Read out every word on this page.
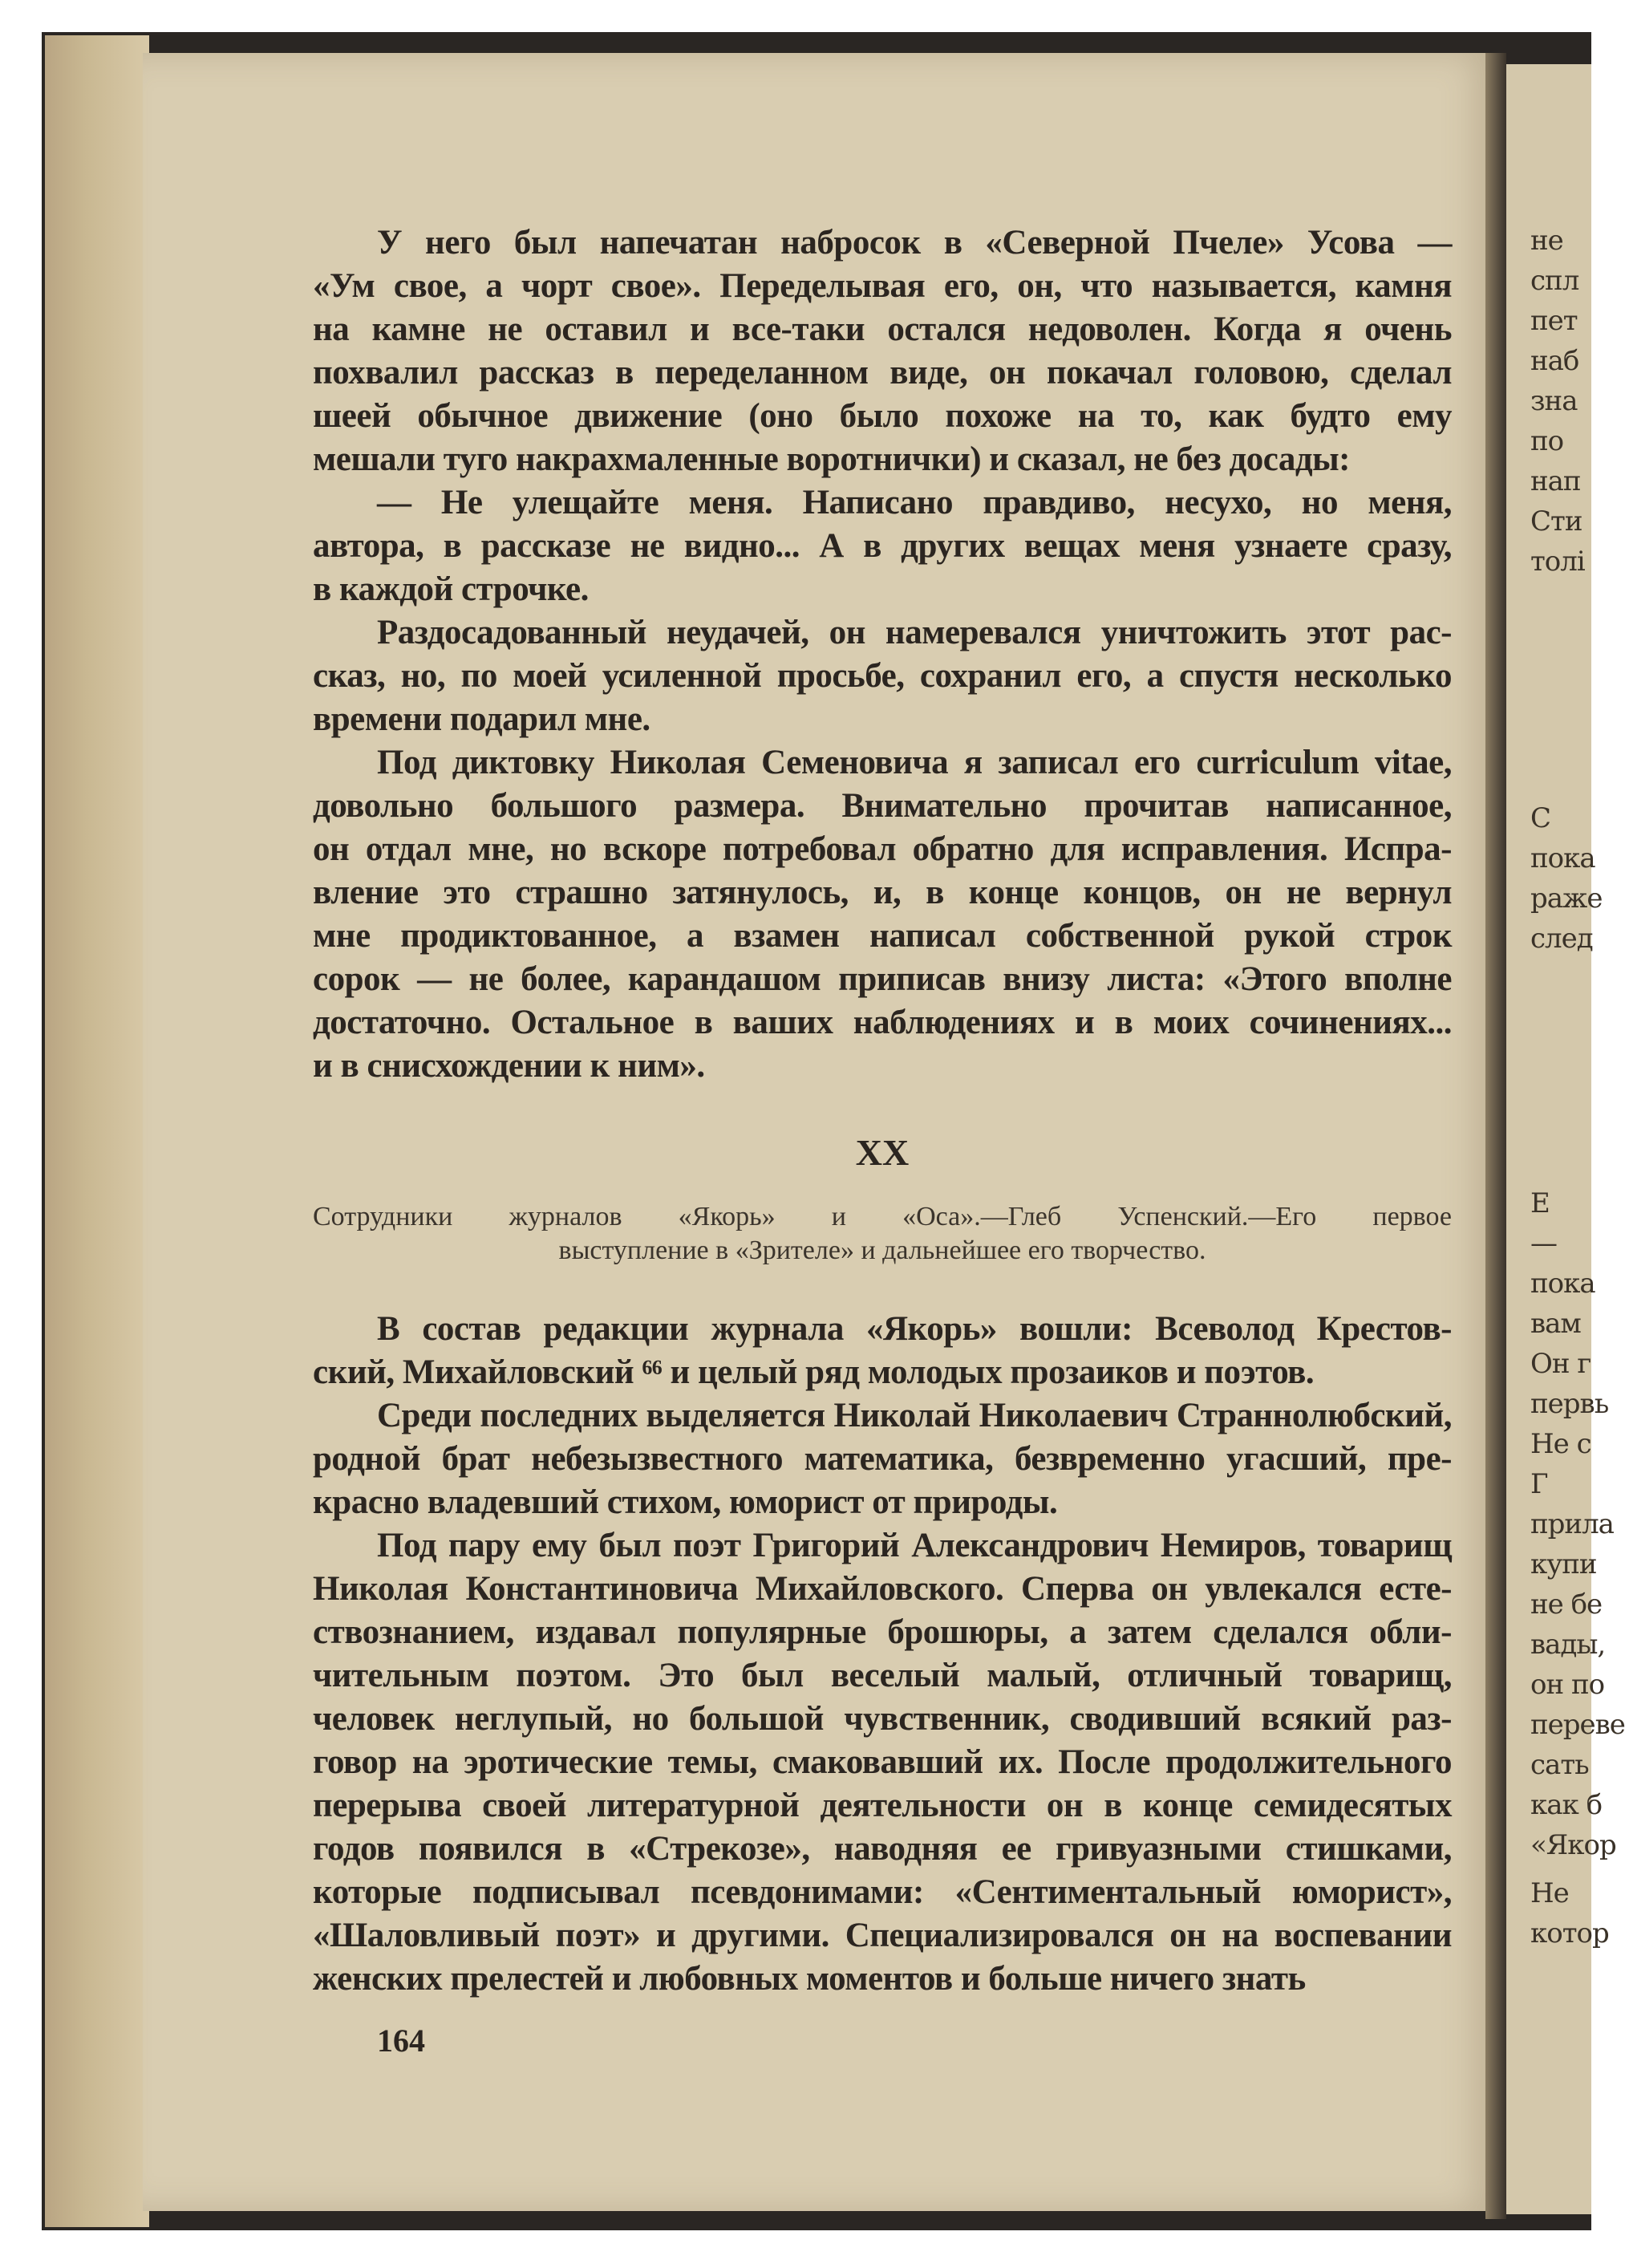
не
спл
пет
наб
зна
по
нап
Сти
толі
С
пока
раже
след
Е
—
пока
вам
Он г
первь
Не с
Г
прила
купи
не бе
вады,
он по
переве
сать
как б
«Якор
Не
котор
У него был напечатан набросок в «Северной Пчеле» Усова —
«Ум свое, а чорт свое». Переделывая его, он, что называется, камня
на камне не оставил и все-таки остался недоволен. Когда я очень
похвалил рассказ в переделанном виде, он покачал головою, сделал
шеей обычное движение (оно было похоже на то, как будто ему
мешали туго накрахмаленные воротнички) и сказал, не без досады:
— Не улещайте меня. Написано правдиво, несухо, но меня,
автора, в рассказе не видно... А в других вещах меня узнаете сразу,
в каждой строчке.
Раздосадованный неудачей, он намеревался уничтожить этот рас-
сказ, но, по моей усиленной просьбе, сохранил его, а спустя несколько
времени подарил мне.
Под диктовку Николая Семеновича я записал его curriculum vitae,
довольно большого размера. Внимательно прочитав написанное,
он отдал мне, но вскоре потребовал обратно для исправления. Испра-
вление это страшно затянулось, и, в конце концов, он не вернул
мне продиктованное, а взамен написал собственной рукой строк
сорок — не более, карандашом приписав внизу листа: «Этого вполне
достаточно. Остальное в ваших наблюдениях и в моих сочинениях...
и в снисхождении к ним».
XX
Сотрудники журналов «Якорь» и «Оса».—Глеб Успенский.—Его первое
выступление в «Зрителе» и дальнейшее его творчество.
В состав редакции журнала «Якорь» вошли: Всеволод Крестов-
ский, Михайловский ⁶⁶ и целый ряд молодых прозаиков и поэтов.
Среди последних выделяется Николай Николаевич Страннолюбский,
родной брат небезызвестного математика, безвременно угасший, пре-
красно владевший стихом, юморист от природы.
Под пару ему был поэт Григорий Александрович Немиров, товарищ
Николая Константиновича Михайловского. Сперва он увлекался есте-
ствознанием, издавал популярные брошюры, а затем сделался обли-
чительным поэтом. Это был веселый малый, отличный товарищ,
человек неглупый, но большой чувственник, сводивший всякий раз-
говор на эротические темы, смаковавший их. После продолжительного
перерыва своей литературной деятельности он в конце семидесятых
годов появился в «Стрекозе», наводняя ее гривуазными стишками,
которые подписывал псевдонимами: «Сентиментальный юморист»,
«Шаловливый поэт» и другими. Специализировался он на воспевании
женских прелестей и любовных моментов и больше ничего знать
164
